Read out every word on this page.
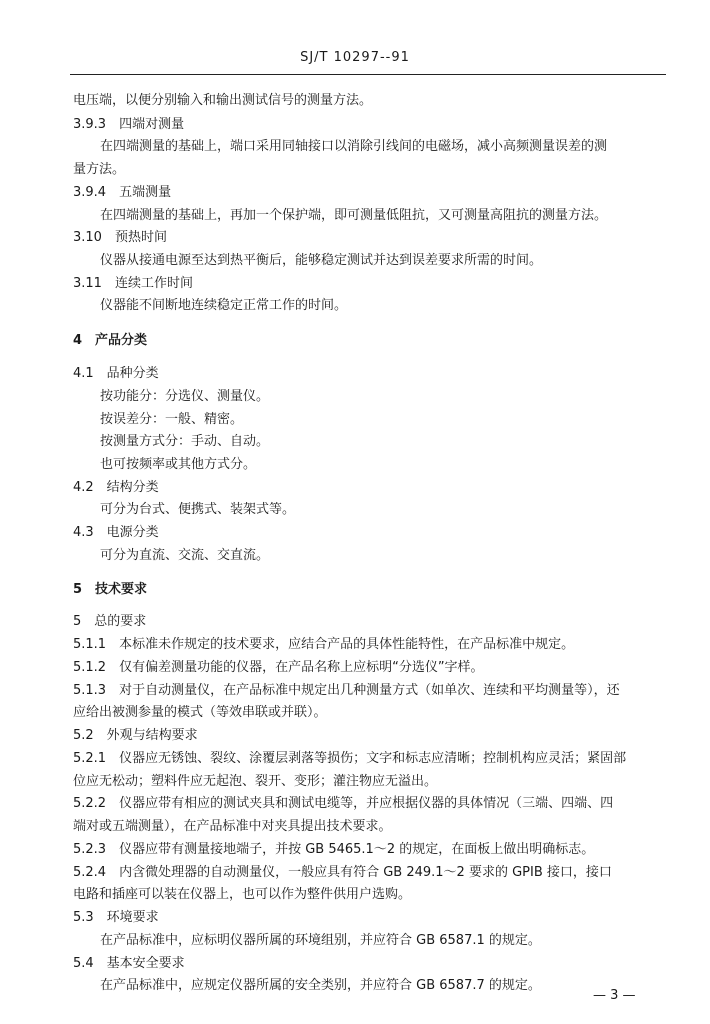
SJ/T 10297--91
电压端，以便分别输入和输出测试信号的测量方法。
3.9.3　四端对测量
在四端测量的基础上，端口采用同轴接口以消除引线间的电磁场，减小高频测量误差的测
量方法。
3.9.4　五端测量
在四端测量的基础上，再加一个保护端，即可测量低阻抗，又可测量高阻抗的测量方法。
3.10　预热时间
仪器从接通电源至达到热平衡后，能够稳定测试并达到误差要求所需的时间。
3.11　连续工作时间
仪器能不间断地连续稳定正常工作的时间。
4　产品分类
4.1　品种分类
按功能分：分选仪、测量仪。
按误差分：一般、精密。
按测量方式分：手动、自动。
也可按频率或其他方式分。
4.2　结构分类
可分为台式、便携式、装架式等。
4.3　电源分类
可分为直流、交流、交直流。
5　技术要求
5　总的要求
5.1.1　本标准未作规定的技术要求，应结合产品的具体性能特性，在产品标准中规定。
5.1.2　仅有偏差测量功能的仪器，在产品名称上应标明“分选仪”字样。
5.1.3　对于自动测量仪，在产品标准中规定出几种测量方式（如单次、连续和平均测量等），还
应给出被测参量的模式（等效串联或并联）。
5.2　外观与结构要求
5.2.1　仪器应无锈蚀、裂纹、涂覆层剥落等损伤；文字和标志应清晰；控制机构应灵活；紧固部
位应无松动；塑料件应无起泡、裂开、变形；灌注物应无溢出。
5.2.2　仪器应带有相应的测试夹具和测试电缆等，并应根据仪器的具体情况（三端、四端、四
端对或五端测量），在产品标准中对夹具提出技术要求。
5.2.3　仪器应带有测量接地端子，并按 GB 5465.1～2 的规定，在面板上做出明确标志。
5.2.4　内含微处理器的自动测量仪，一般应具有符合 GB 249.1～2 要求的 GPIB 接口，接口
电路和插座可以装在仪器上，也可以作为整件供用户选购。
5.3　环境要求
在产品标准中，应标明仪器所属的环境组别，并应符合 GB 6587.1 的规定。
5.4　基本安全要求
在产品标准中，应规定仪器所属的安全类别，并应符合 GB 6587.7 的规定。
— 3 —
